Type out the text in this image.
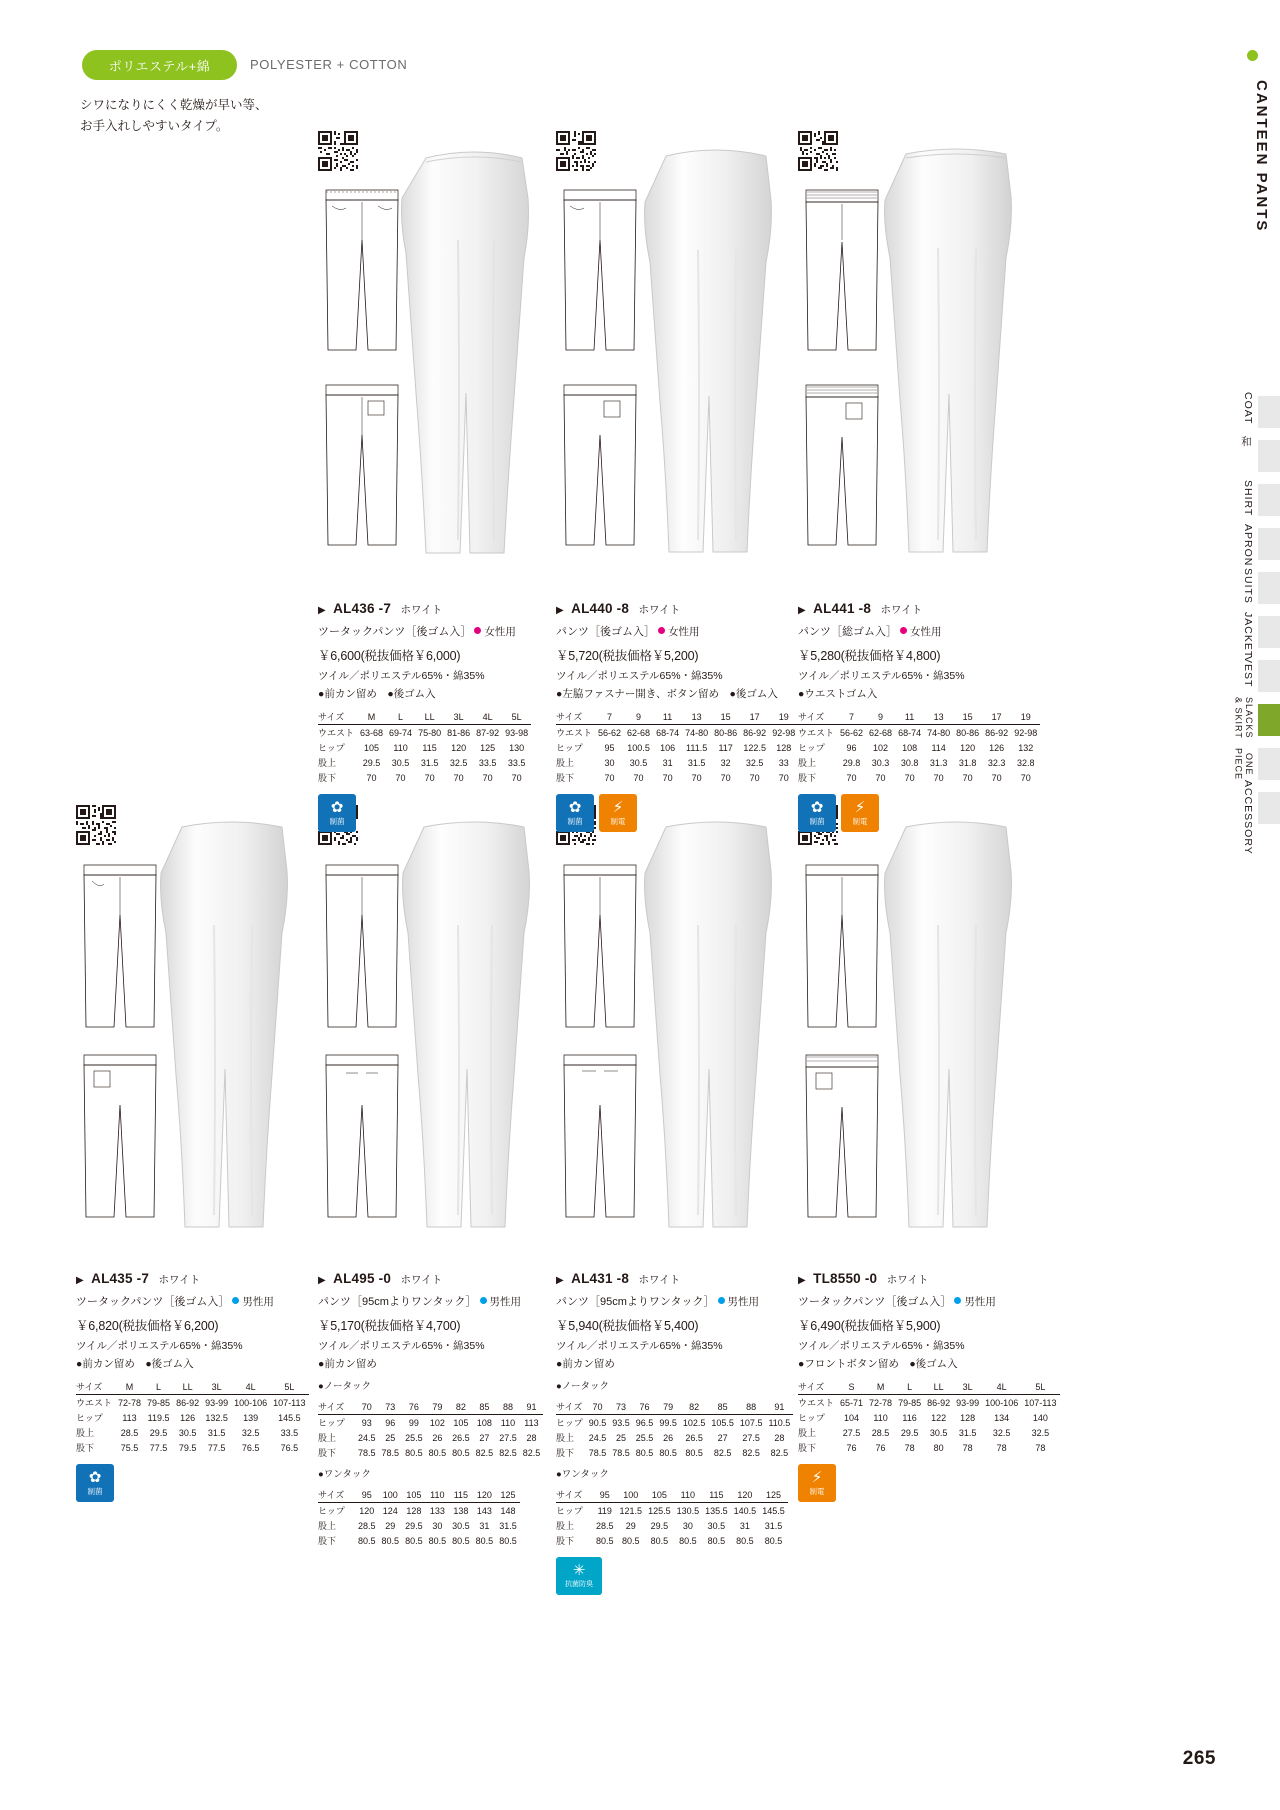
ポリエステル+綿	POLYESTER + COTTON
シワになりにくく乾燥が早い等、
お手入れしやすいタイプ。	CANTEEN PANTS
COAT
和
SHIRT
APRON
SUITS
JACKET
VEST
SLACKS & SKIRT
ONE PIECE
ACCESSORY
▶ AL436 -7 ホワイト
ツータックパンツ［後ゴム入］ 女性用
￥6,600(税抜価格￥6,000)
ツイル／ポリエステル65%・綿35%
●前カン留め　●後ゴム入
サイズ	M	L	LL	3L	4L	5L
ウエスト	63-68	69-74	75-80	81-86	87-92	93-98
ヒップ	105	110	115	120	125	130
股上	29.5	30.5	31.5	32.5	33.5	33.5
股下	70	70	70	70	70	70
✿
制菌
▶ AL440 -8 ホワイト
パンツ［後ゴム入］ 女性用
￥5,720(税抜価格￥5,200)
ツイル／ポリエステル65%・綿35%
●左脇ファスナー開き、ボタン留め　●後ゴム入
サイズ	7	9	11	13	15	17	19
ウエスト	56-62	62-68	68-74	74-80	80-86	86-92	92-98
ヒップ	95	100.5	106	111.5	117	122.5	128
股上	30	30.5	31	31.5	32	32.5	33
股下	70	70	70	70	70	70	70
✿
制菌
⚡
制電
▶ AL441 -8 ホワイト
パンツ［総ゴム入］ 女性用
￥5,280(税抜価格￥4,800)
ツイル／ポリエステル65%・綿35%
●ウエストゴム入
サイズ	7	9	11	13	15	17	19
ウエスト	56-62	62-68	68-74	74-80	80-86	86-92	92-98
ヒップ	96	102	108	114	120	126	132
股上	29.8	30.3	30.8	31.3	31.8	32.3	32.8
股下	70	70	70	70	70	70	70
✿
制菌
⚡
制電
▶ AL435 -7 ホワイト
ツータックパンツ［後ゴム入］ 男性用
￥6,820(税抜価格￥6,200)
ツイル／ポリエステル65%・綿35%
●前カン留め　●後ゴム入
サイズ	M	L	LL	3L	4L	5L
ウエスト	72-78	79-85	86-92	93-99	100-106	107-113
ヒップ	113	119.5	126	132.5	139	145.5
股上	28.5	29.5	30.5	31.5	32.5	33.5
股下	75.5	77.5	79.5	77.5	76.5	76.5
✿
制菌
▶ AL495 -0 ホワイト
パンツ［95cmよりワンタック］ 男性用
￥5,170(税抜価格￥4,700)
ツイル／ポリエステル65%・綿35%
●前カン留め
●ノータック
サイズ	70	73	76	79	82	85	88	91
ヒップ	93	96	99	102	105	108	110	113
股上	24.5	25	25.5	26	26.5	27	27.5	28
股下	78.5	78.5	80.5	80.5	80.5	82.5	82.5	82.5
●ワンタック
サイズ	95	100	105	110	115	120	125
ヒップ	120	124	128	133	138	143	148
股上	28.5	29	29.5	30	30.5	31	31.5
股下	80.5	80.5	80.5	80.5	80.5	80.5	80.5
▶ AL431 -8 ホワイト
パンツ［95cmよりワンタック］ 男性用
￥5,940(税抜価格￥5,400)
ツイル／ポリエステル65%・綿35%
●前カン留め
●ノータック
サイズ	70	73	76	79	82	85	88	91
ヒップ	90.5	93.5	96.5	99.5	102.5	105.5	107.5	110.5
股上	24.5	25	25.5	26	26.5	27	27.5	28
股下	78.5	78.5	80.5	80.5	80.5	82.5	82.5	82.5
●ワンタック
サイズ	95	100	105	110	115	120	125
ヒップ	119	121.5	125.5	130.5	135.5	140.5	145.5
股上	28.5	29	29.5	30	30.5	31	31.5
股下	80.5	80.5	80.5	80.5	80.5	80.5	80.5
✳
抗菌防臭
▶ TL8550 -0 ホワイト
ツータックパンツ［後ゴム入］ 男性用
￥6,490(税抜価格￥5,900)
ツイル／ポリエステル65%・綿35%
●フロントボタン留め　●後ゴム入
サイズ	S	M	L	LL	3L	4L	5L
ウエスト	65-71	72-78	79-85	86-92	93-99	100-106	107-113
ヒップ	104	110	116	122	128	134	140
股上	27.5	28.5	29.5	30.5	31.5	32.5	32.5
股下	76	76	78	80	78	78	78
⚡
制電
265
